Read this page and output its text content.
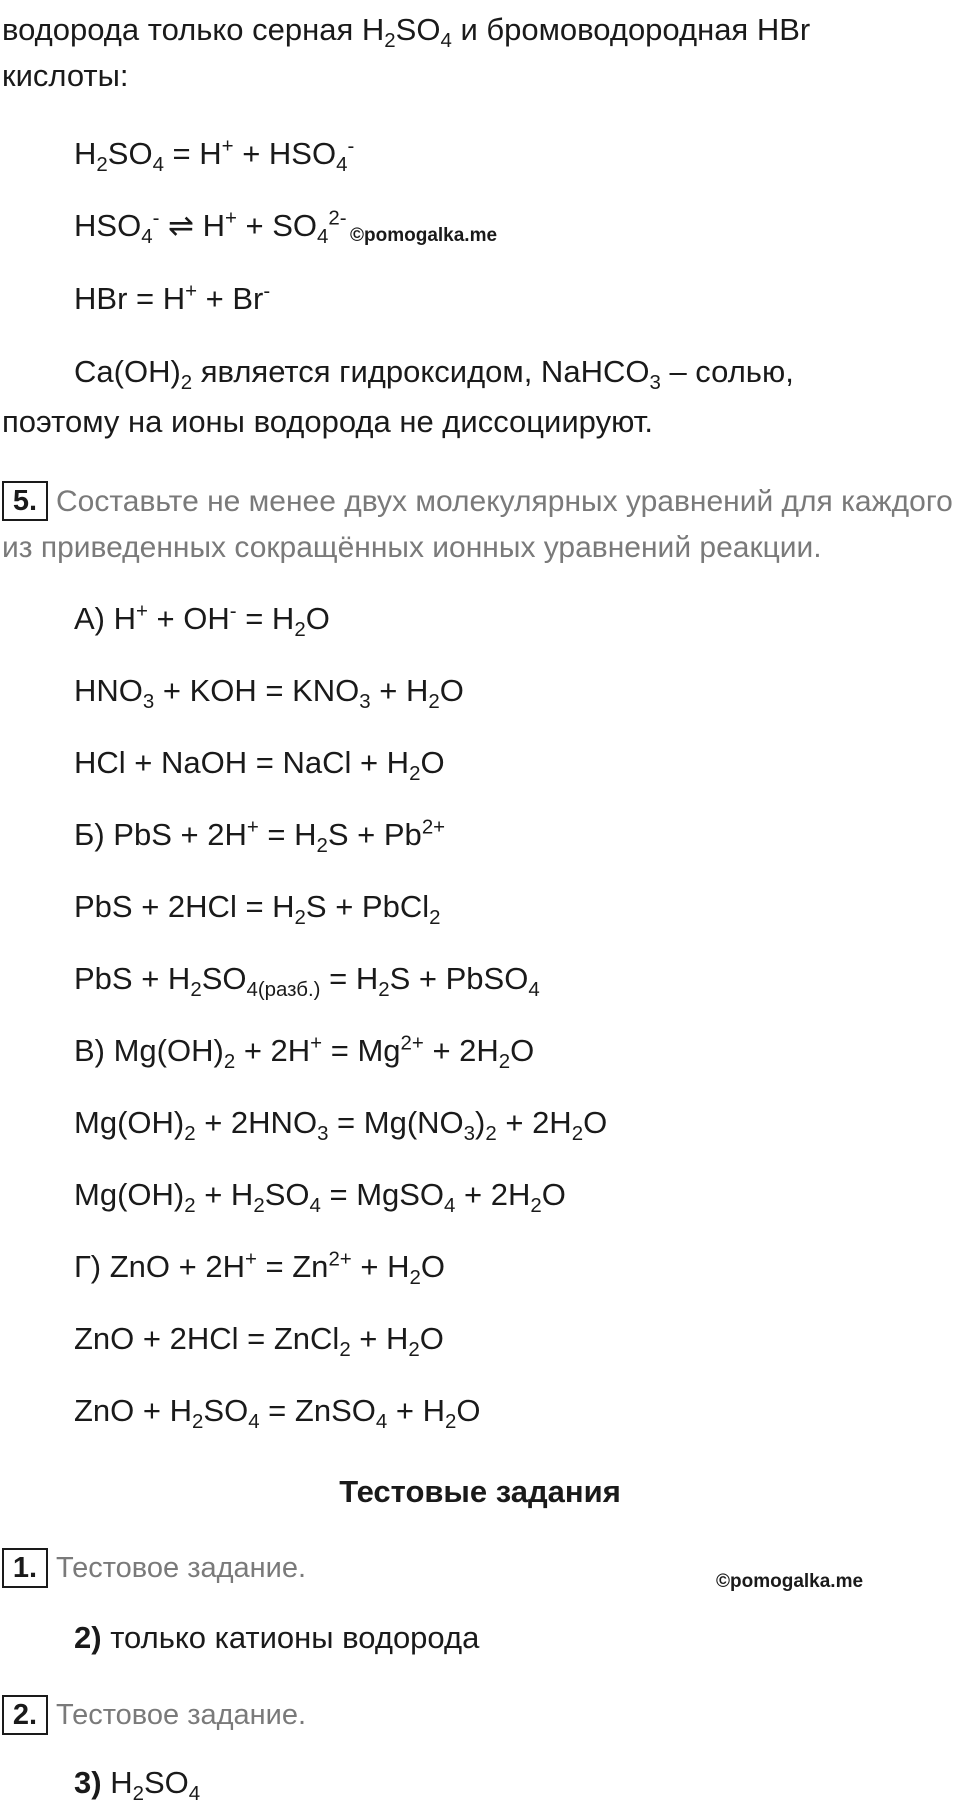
водорода только серная $H_2SO_4$ и бромоводородная HBr
кислоты:
$H_2SO_4 = H^+ + HSO_4^-$
$HSO_4^-$ ⇌ $H^+ + SO_4^{2-}$
©pomogalka.me
HBr = H+ + Br-
$Ca(OH)_2$ является гидроксидом, NaHCO$_3$ – солью,
поэтому на ионы водорода не диссоциируют.
5. Составьте не менее двух молекулярных уравнений для каждого
из приведенных сокращённых ионных уравнений реакции.
А) $H^+ + OH^- = H_2O$
$HNO_3$ + KOH = $KNO_3 + H_2O$
HCl + NaOH = NaCl + $H_2O$
Б) PbS + $2H^+ = H_2S + Pb^{2+}$
PbS + $2HCl = H_2S$ + PbCl$_2$
PbS + $H_2SO_{4(разб.)} = H_2S$ + PbSO$_4$
В) $Mg(OH)_2 + 2H^+ = Mg^{2+} + 2H_2O$
$Mg(OH)_2 + 2HNO_3 = Mg(NO_3)_2 + 2H_2O$
$Mg(OH)_2 + H_2SO_4$ = MgSO$_4$ + $2H_2O$
Г) ZnO + $2H^+ = Zn^{2+} + H_2O$
ZnO + 2HCl = ZnCl$_2$ + $H_2O$
ZnO + $H_2SO_4$ = ZnSO$_4$ + $H_2O$
Тестовые задания
1. Тестовое задание.	©pomogalka.me
2) только катионы водорода
2. Тестовое задание.
3) $H_2SO_4$
